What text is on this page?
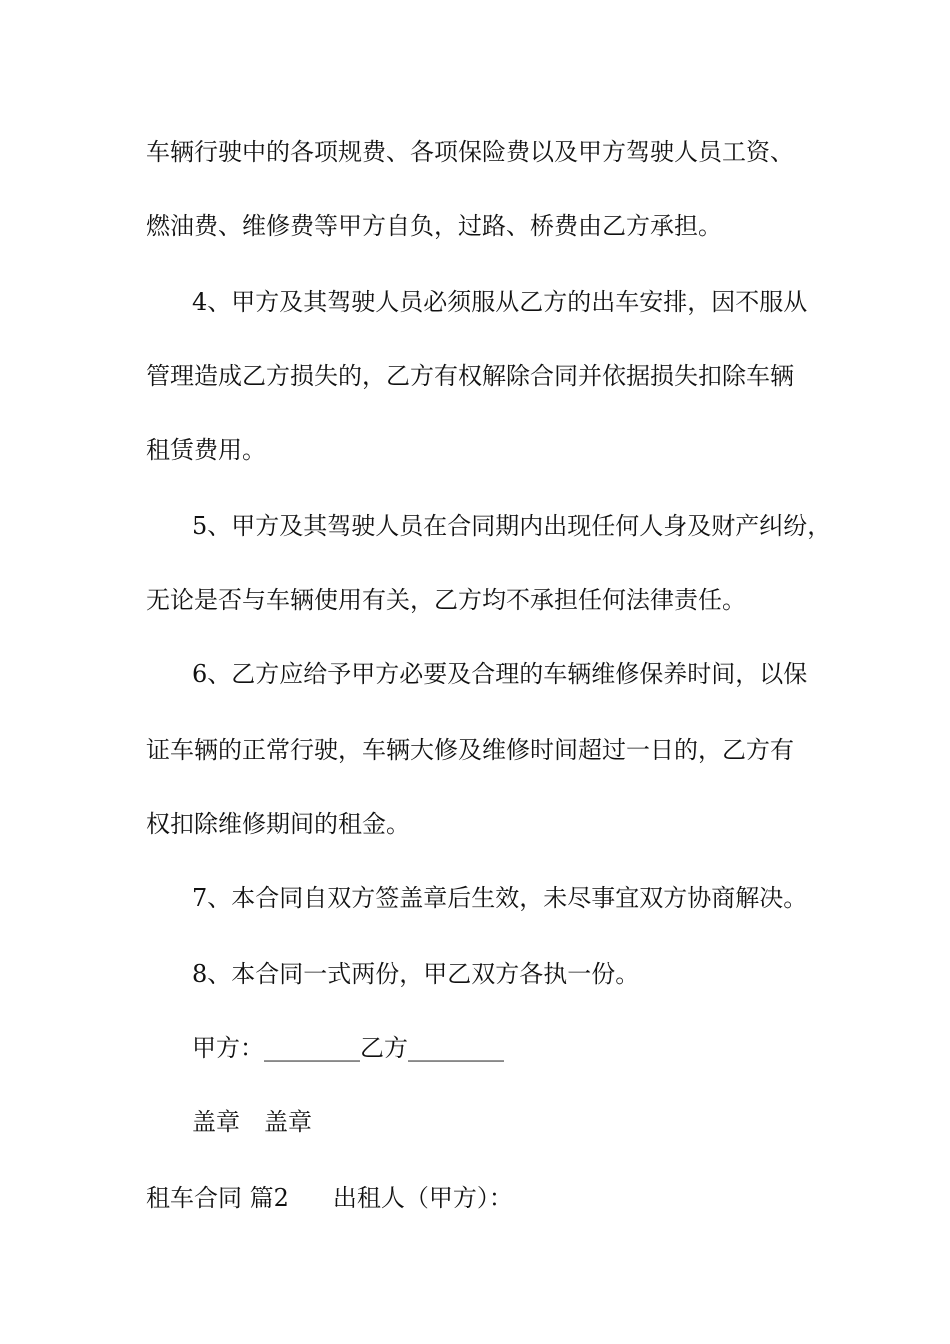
车辆行驶中的各项规费、各项保险费以及甲方驾驶人员工资、
燃油费、维修费等甲方自负，过路、桥费由乙方承担。
4、甲方及其驾驶人员必须服从乙方的出车安排，因不服从
管理造成乙方损失的，乙方有权解除合同并依据损失扣除车辆
租赁费用。
5、甲方及其驾驶人员在合同期内出现任何人身及财产纠纷，
无论是否与车辆使用有关，乙方均不承担任何法律责任。
6、乙方应给予甲方必要及合理的车辆维修保养时间，以保
证车辆的正常行驶，车辆大修及维修时间超过一日的，乙方有
权扣除维修期间的租金。
7、本合同自双方签盖章后生效，未尽事宜双方协商解决。
8、本合同一式两份，甲乙双方各执一份。
甲方：________乙方________
盖章　盖章
租车合同 篇2 出租人（甲方）：
